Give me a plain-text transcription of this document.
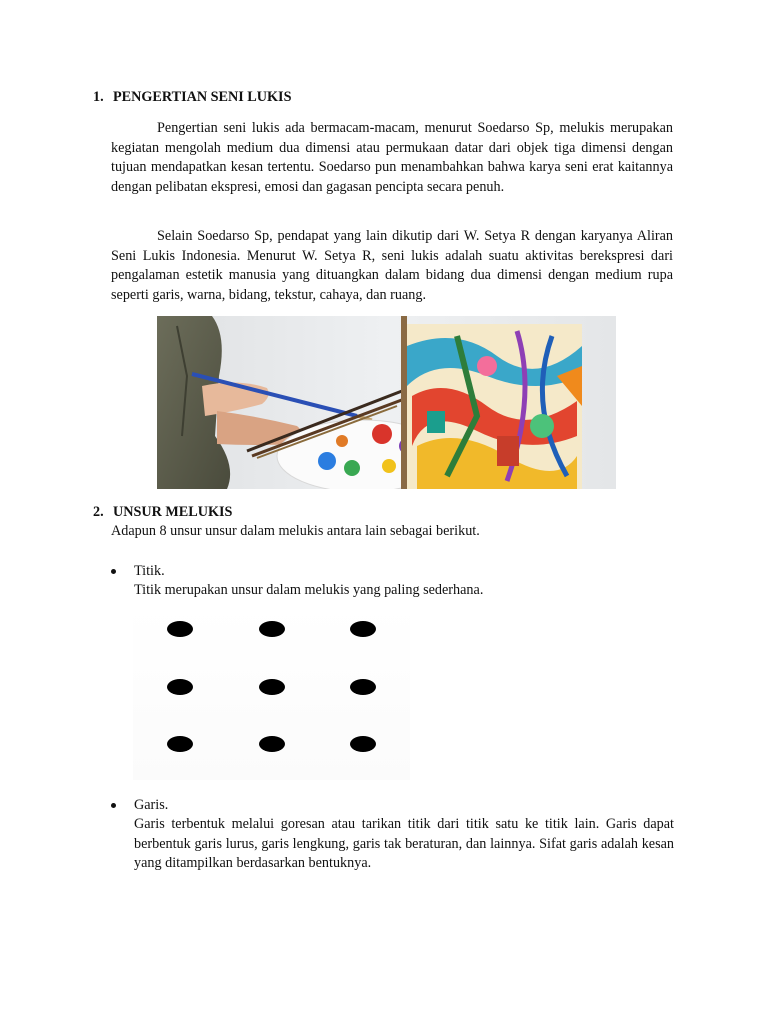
1. PENGERTIAN SENI LUKIS

Pengertian seni lukis ada bermacam-macam, menurut Soedarso Sp, melukis merupakan kegiatan mengolah medium dua dimensi atau permukaan datar dari objek tiga dimensi dengan tujuan mendapatkan kesan tertentu. Soedarso pun menambahkan bahwa karya seni erat kaitannya dengan pelibatan ekspresi, emosi dan gagasan pencipta secara penuh.

Selain Soedarso Sp, pendapat yang lain dikutip dari W. Setya R dengan karyanya Aliran Seni Lukis Indonesia. Menurut W. Setya R, seni lukis adalah suatu aktivitas berekspresi dari pengalaman estetik manusia yang dituangkan dalam bidang dua dimensi dengan medium rupa seperti garis, warna, bidang, tekstur, cahaya, dan ruang.

2. UNSUR MELUKIS
Adapun 8 unsur unsur dalam melukis antara lain sebagai berikut.
Titik.

Titik merupakan unsur dalam melukis yang paling sederhana.

Garis.

Garis terbentuk melalui goresan atau tarikan titik dari titik satu ke titik lain. Garis dapat berbentuk garis lurus, garis lengkung, garis tak beraturan, dan lainnya. Sifat garis adalah kesan yang ditampilkan berdasarkan bentuknya.
